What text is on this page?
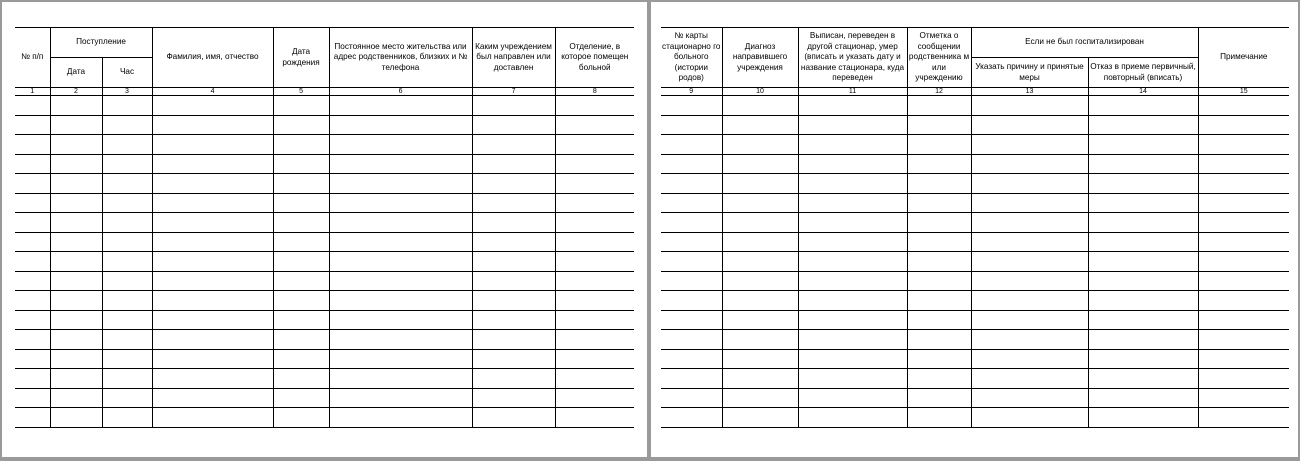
№ п/п	Поступление		Фамилия, имя, отчество	Дата рождения	Постоянное место жительства или адрес родственников, близких и № телефона	Каким учреждением был направлен или доставлен	Отделение, в которое помещен больной
	Дата	Час					
1	2	3	4	5	6	7	8

№ карты стационарно го больного (истории родов)	Диагноз направившего учреждения	Выписан, переведен в другой стационар, умер (вписать и указать дату и название стационара, куда переведен	Отметка о сообщении родственника м или учреждению	Если не был госпитализирован		Примечание
				Указать причину и принятые меры	Отказ в приеме первичный, повторный (вписать)	
9	10	11	12	13	14	15
